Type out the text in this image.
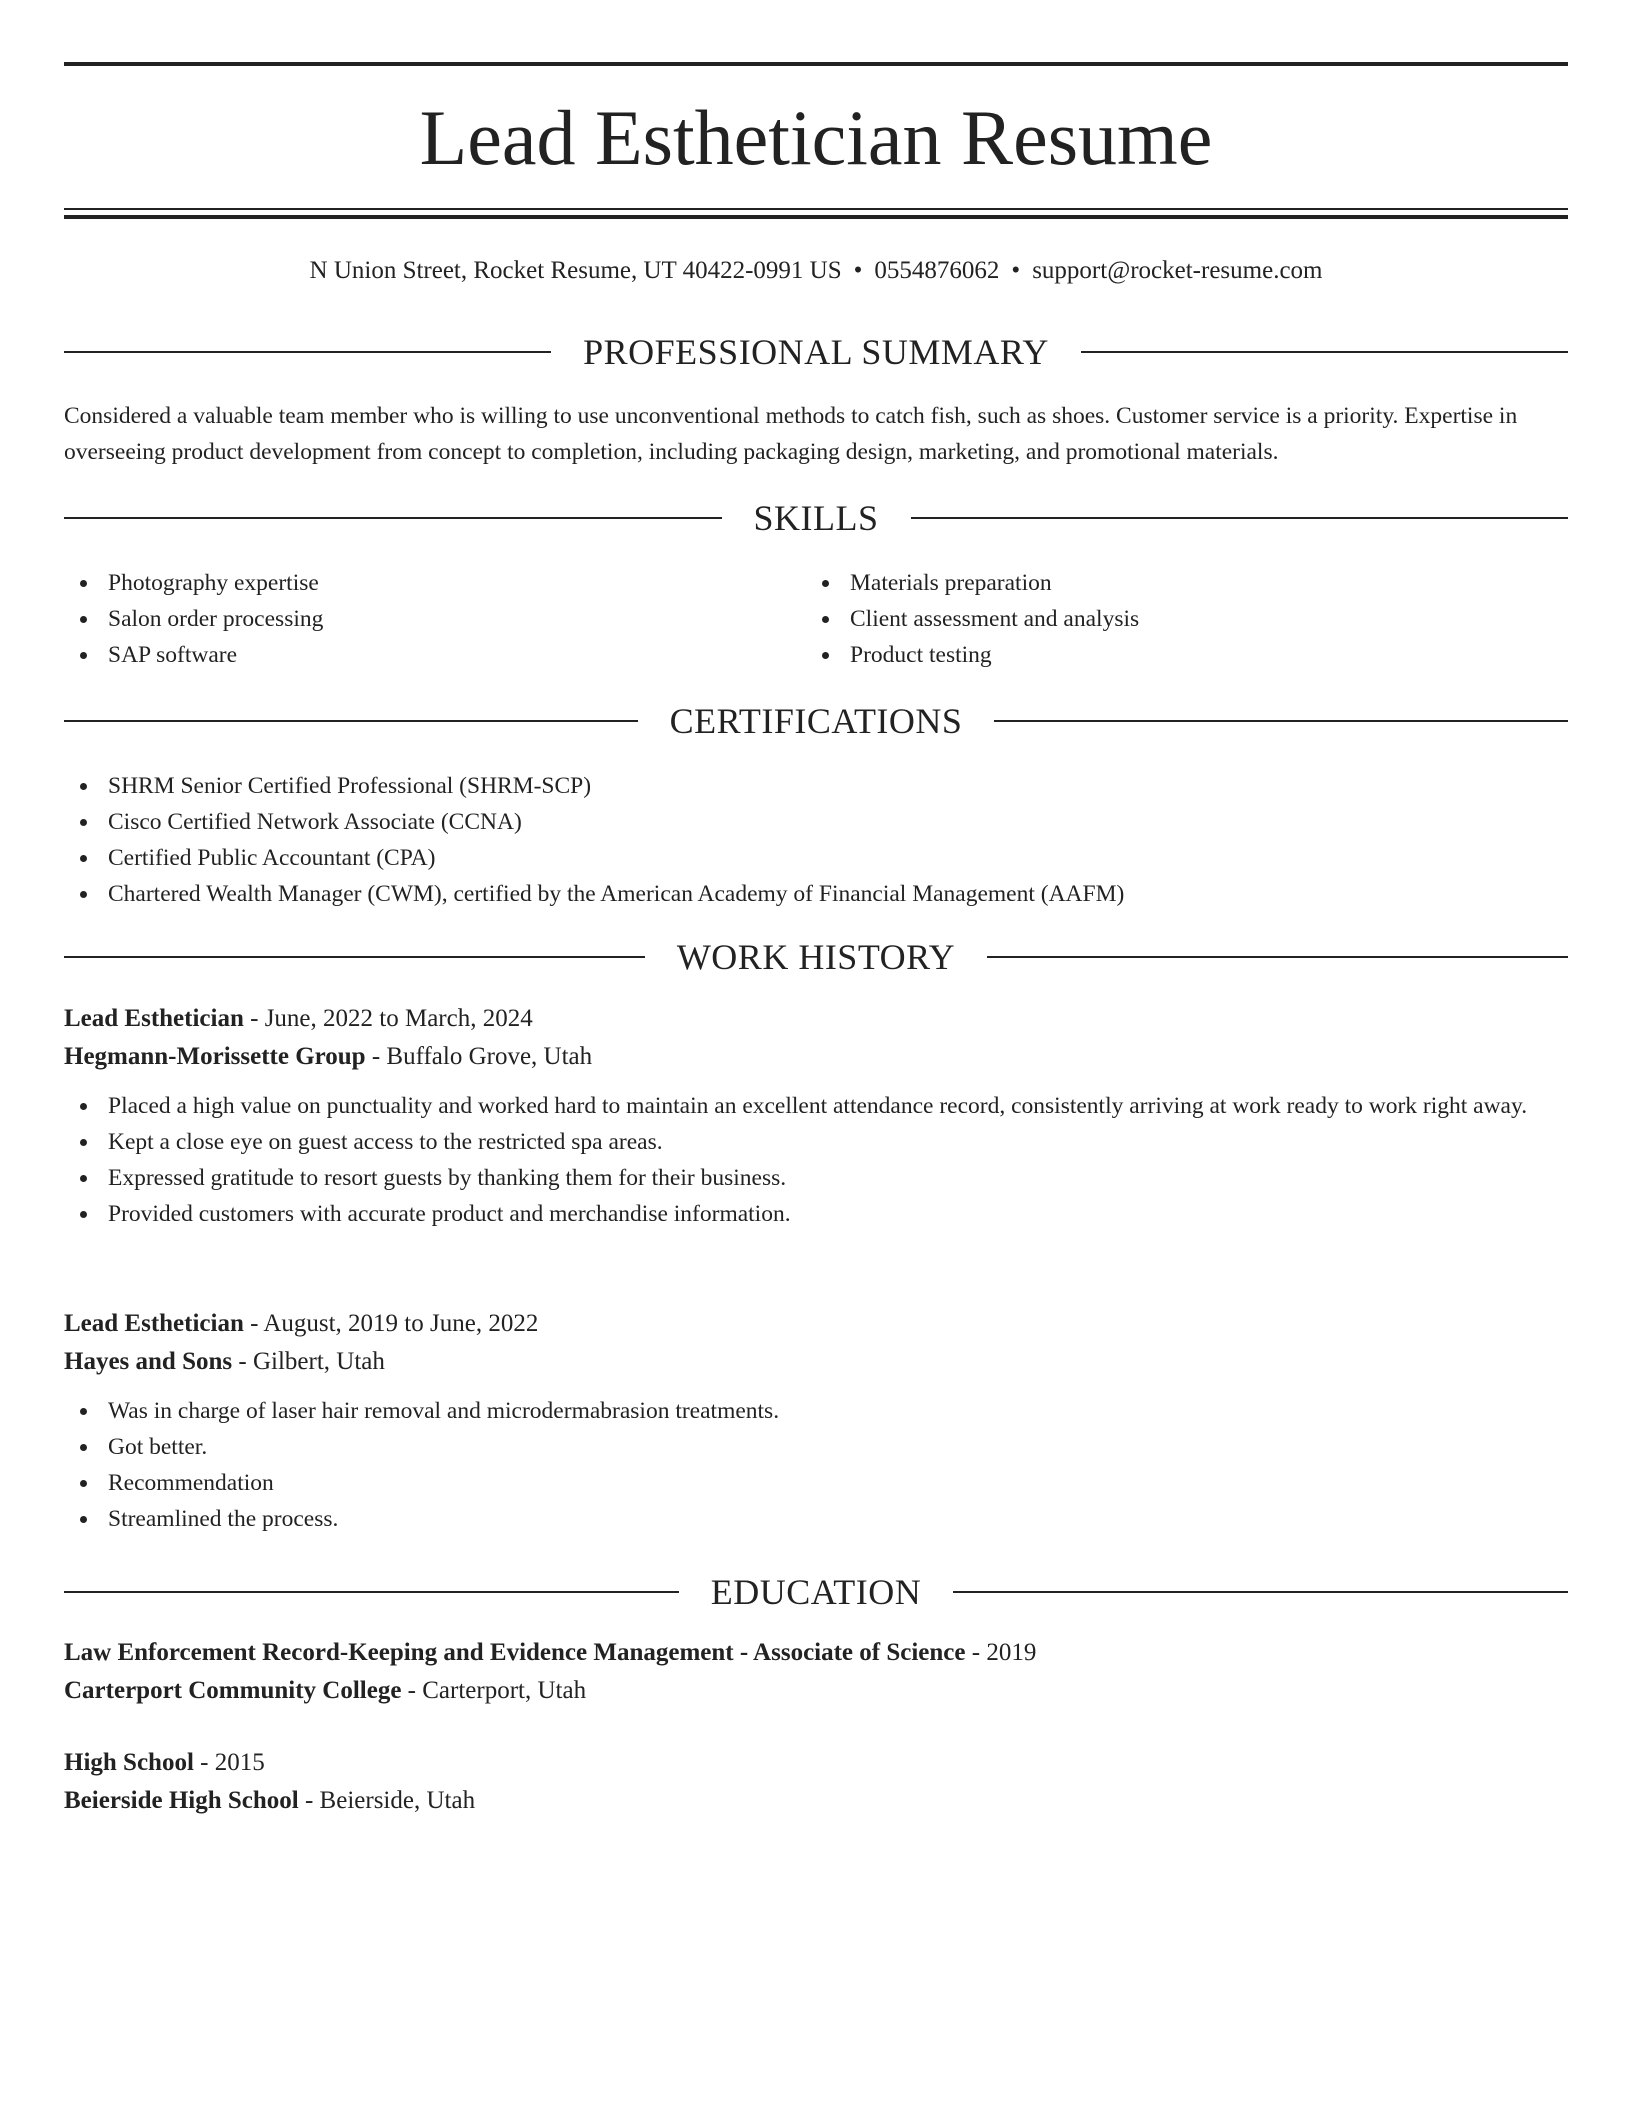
Lead Esthetician Resume
N Union Street, Rocket Resume, UT 40422-0991 US • 0554876062 • support@rocket-resume.com
PROFESSIONAL SUMMARY

Considered a valuable team member who is willing to use unconventional methods to catch fish, such as shoes. Customer service is a priority. Expertise in overseeing product development from concept to completion, including packaging design, marketing, and promotional materials.

SKILLS
Photography expertise
Salon order processing
SAP software
Materials preparation
Client assessment and analysis
Product testing
CERTIFICATIONS
SHRM Senior Certified Professional (SHRM-SCP)
Cisco Certified Network Associate (CCNA)
Certified Public Accountant (CPA)
Chartered Wealth Manager (CWM), certified by the American Academy of Financial Management (AAFM)
WORK HISTORY

Lead Esthetician - June, 2022 to March, 2024

Hegmann-Morissette Group - Buffalo Grove, Utah

Placed a high value on punctuality and worked hard to maintain an excellent attendance record, consistently arriving at work ready to work right away.
Kept a close eye on guest access to the restricted spa areas.
Expressed gratitude to resort guests by thanking them for their business.
Provided customers with accurate product and merchandise information.

Lead Esthetician - August, 2019 to June, 2022

Hayes and Sons - Gilbert, Utah

Was in charge of laser hair removal and microdermabrasion treatments.
Got better.
Recommendation
Streamlined the process.
EDUCATION

Law Enforcement Record-Keeping and Evidence Management - Associate of Science - 2019

Carterport Community College - Carterport, Utah

High School - 2015

Beierside High School - Beierside, Utah
